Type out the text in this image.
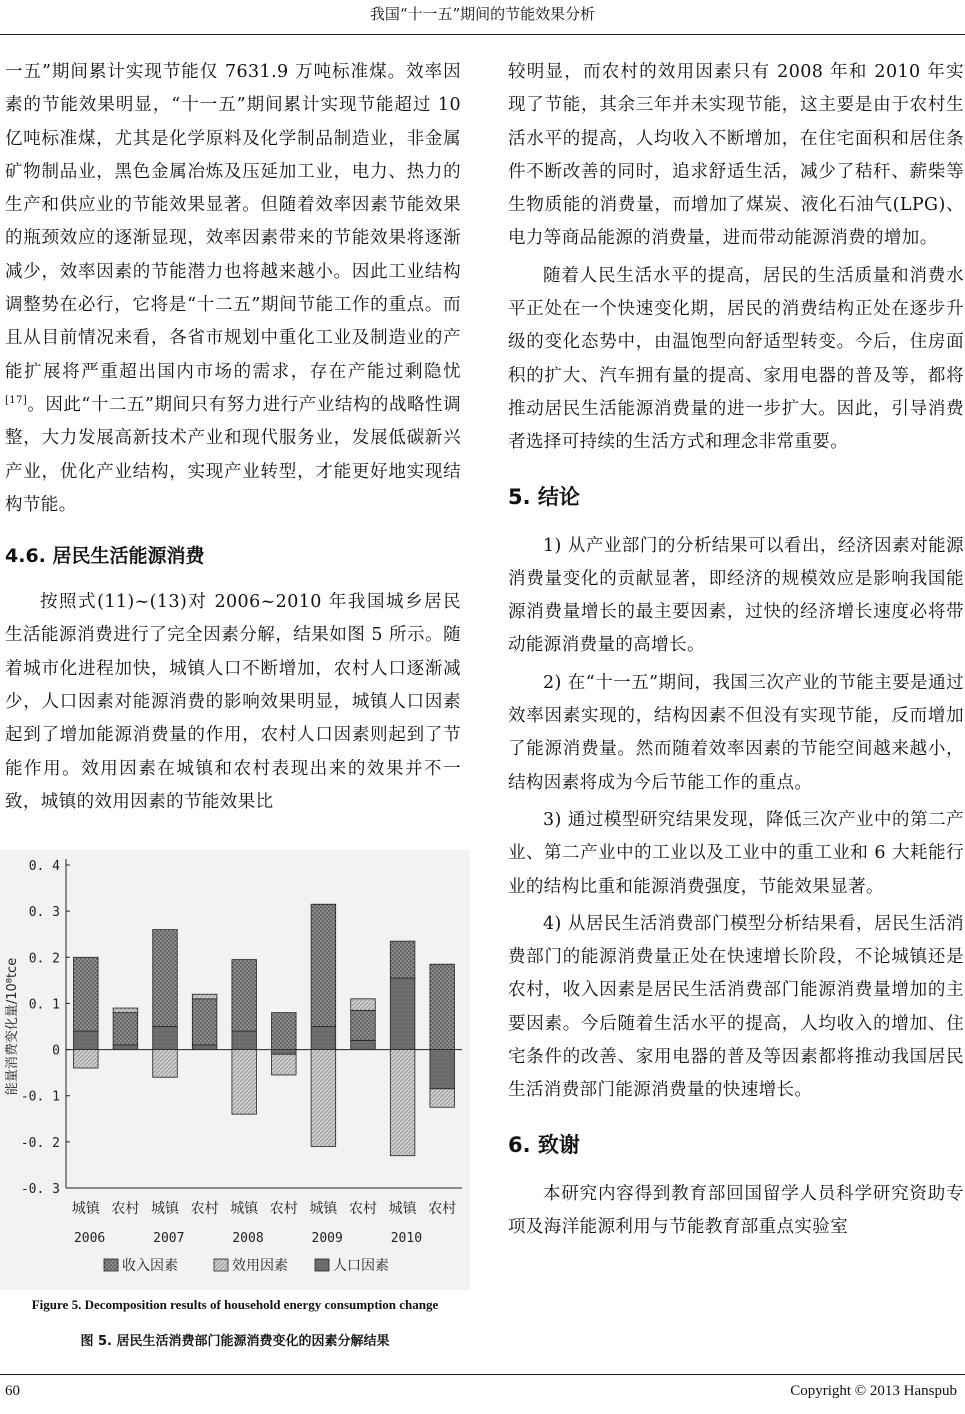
我国“十一五”期间的节能效果分析

一五”期间累计实现节能仅 7631.9 万吨标准煤。效率因素的节能效果明显，“十一五”期间累计实现节能超过 10 亿吨标准煤，尤其是化学原料及化学制品制造业，非金属矿物制品业，黑色金属冶炼及压延加工业，电力、热力的生产和供应业的节能效果显著。但随着效率因素节能效果的瓶颈效应的逐渐显现，效率因素带来的节能效果将逐渐减少，效率因素的节能潜力也将越来越小。因此工业结构调整势在必行，它将是“十二五”期间节能工作的重点。而且从目前情况来看，各省市规划中重化工业及制造业的产能扩展将严重超出国内市场的需求，存在产能过剩隐忧[17]。因此“十二五”期间只有努力进行产业结构的战略性调整，大力发展高新技术产业和现代服务业，发展低碳新兴产业，优化产业结构，实现产业转型，才能更好地实现结构节能。

4.6. 居民生活能源消费

按照式(11)~(13)对 2006~2010 年我国城乡居民生活能源消费进行了完全因素分解，结果如图 5 所示。随着城市化进程加快，城镇人口不断增加，农村人口逐渐减少，人口因素对能源消费的影响效果明显，城镇人口因素起到了增加能源消费量的作用，农村人口因素则起到了节能作用。效用因素在城镇和农村表现出来的效果并不一致，城镇的效用因素的节能效果比

0. 4
0. 3
0. 2
0. 1
0
-0. 1
-0. 2
-0. 3
能量消费变化量/10⁸tce
城镇 农村 城镇 农村 城镇 农村 城镇 农村 城镇 农村
2006	2007	2008	2009	2010
收入因素	效用因素	人口因素
Figure 5. Decomposition results of household energy consumption change
图 5. 居民生活消费部门能源消费变化的因素分解结果

较明显，而农村的效用因素只有 2008 年和 2010 年实现了节能，其余三年并未实现节能，这主要是由于农村生活水平的提高，人均收入不断增加，在住宅面积和居住条件不断改善的同时，追求舒适生活，减少了秸秆、薪柴等生物质能的消费量，而增加了煤炭、液化石油气(LPG)、电力等商品能源的消费量，进而带动能源消费的增加。

随着人民生活水平的提高，居民的生活质量和消费水平正处在一个快速变化期，居民的消费结构正处在逐步升级的变化态势中，由温饱型向舒适型转变。今后，住房面积的扩大、汽车拥有量的提高、家用电器的普及等，都将推动居民生活能源消费量的进一步扩大。因此，引导消费者选择可持续的生活方式和理念非常重要。

5. 结论

1) 从产业部门的分析结果可以看出，经济因素对能源消费量变化的贡献显著，即经济的规模效应是影响我国能源消费量增长的最主要因素，过快的经济增长速度必将带动能源消费量的高增长。

2) 在“十一五”期间，我国三次产业的节能主要是通过效率因素实现的，结构因素不但没有实现节能，反而增加了能源消费量。然而随着效率因素的节能空间越来越小，结构因素将成为今后节能工作的重点。

3) 通过模型研究结果发现，降低三次产业中的第二产业、第二产业中的工业以及工业中的重工业和 6 大耗能行业的结构比重和能源消费强度，节能效果显著。

4) 从居民生活消费部门模型分析结果看，居民生活消费部门的能源消费量正处在快速增长阶段，不论城镇还是农村，收入因素是居民生活消费部门能源消费量增加的主要因素。今后随着生活水平的提高，人均收入的增加、住宅条件的改善、家用电器的普及等因素都将推动我国居民生活消费部门能源消费量的快速增长。

6. 致谢

本研究内容得到教育部回国留学人员科学研究资助专项及海洋能源利用与节能教育部重点实验室

60	Copyright © 2013 Hanspub
